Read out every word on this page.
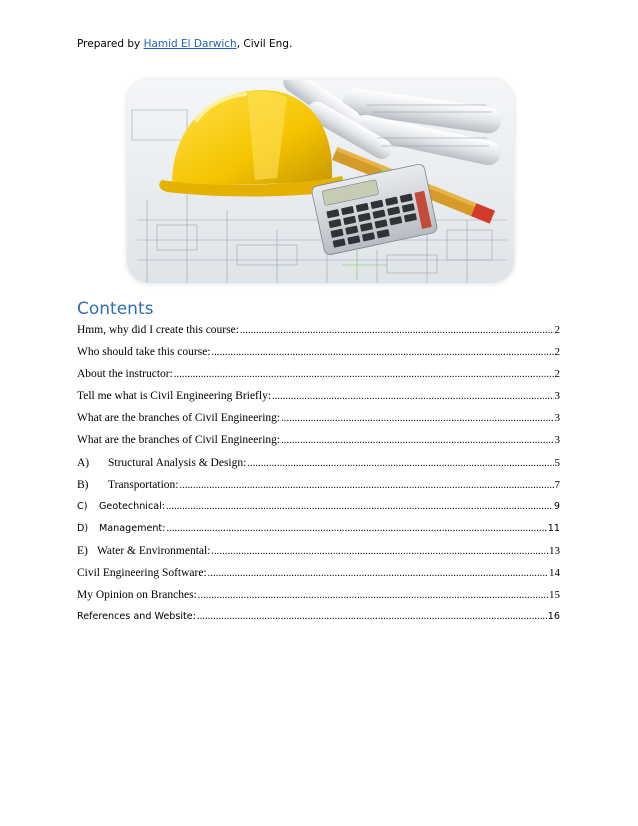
Prepared by Hamid El Darwich, Civil Eng.
Contents
Hmm, why did I create this course: .....	2
Who should take this course: .....	2
About the instructor: .....	2
Tell me what is Civil Engineering Briefly: .....	3
What are the branches of Civil Engineering: .....	3
What are the branches of Civil Engineering: .....	3
A) Structural Analysis & Design: .....	5
B) Transportation: .....	7
C) Geotechnical: .....	9
D) Management: .....	11
E) Water & Environmental: .....	13
Civil Engineering Software: .....	14
My Opinion on Branches: .....	15
References and Website: .....	16
